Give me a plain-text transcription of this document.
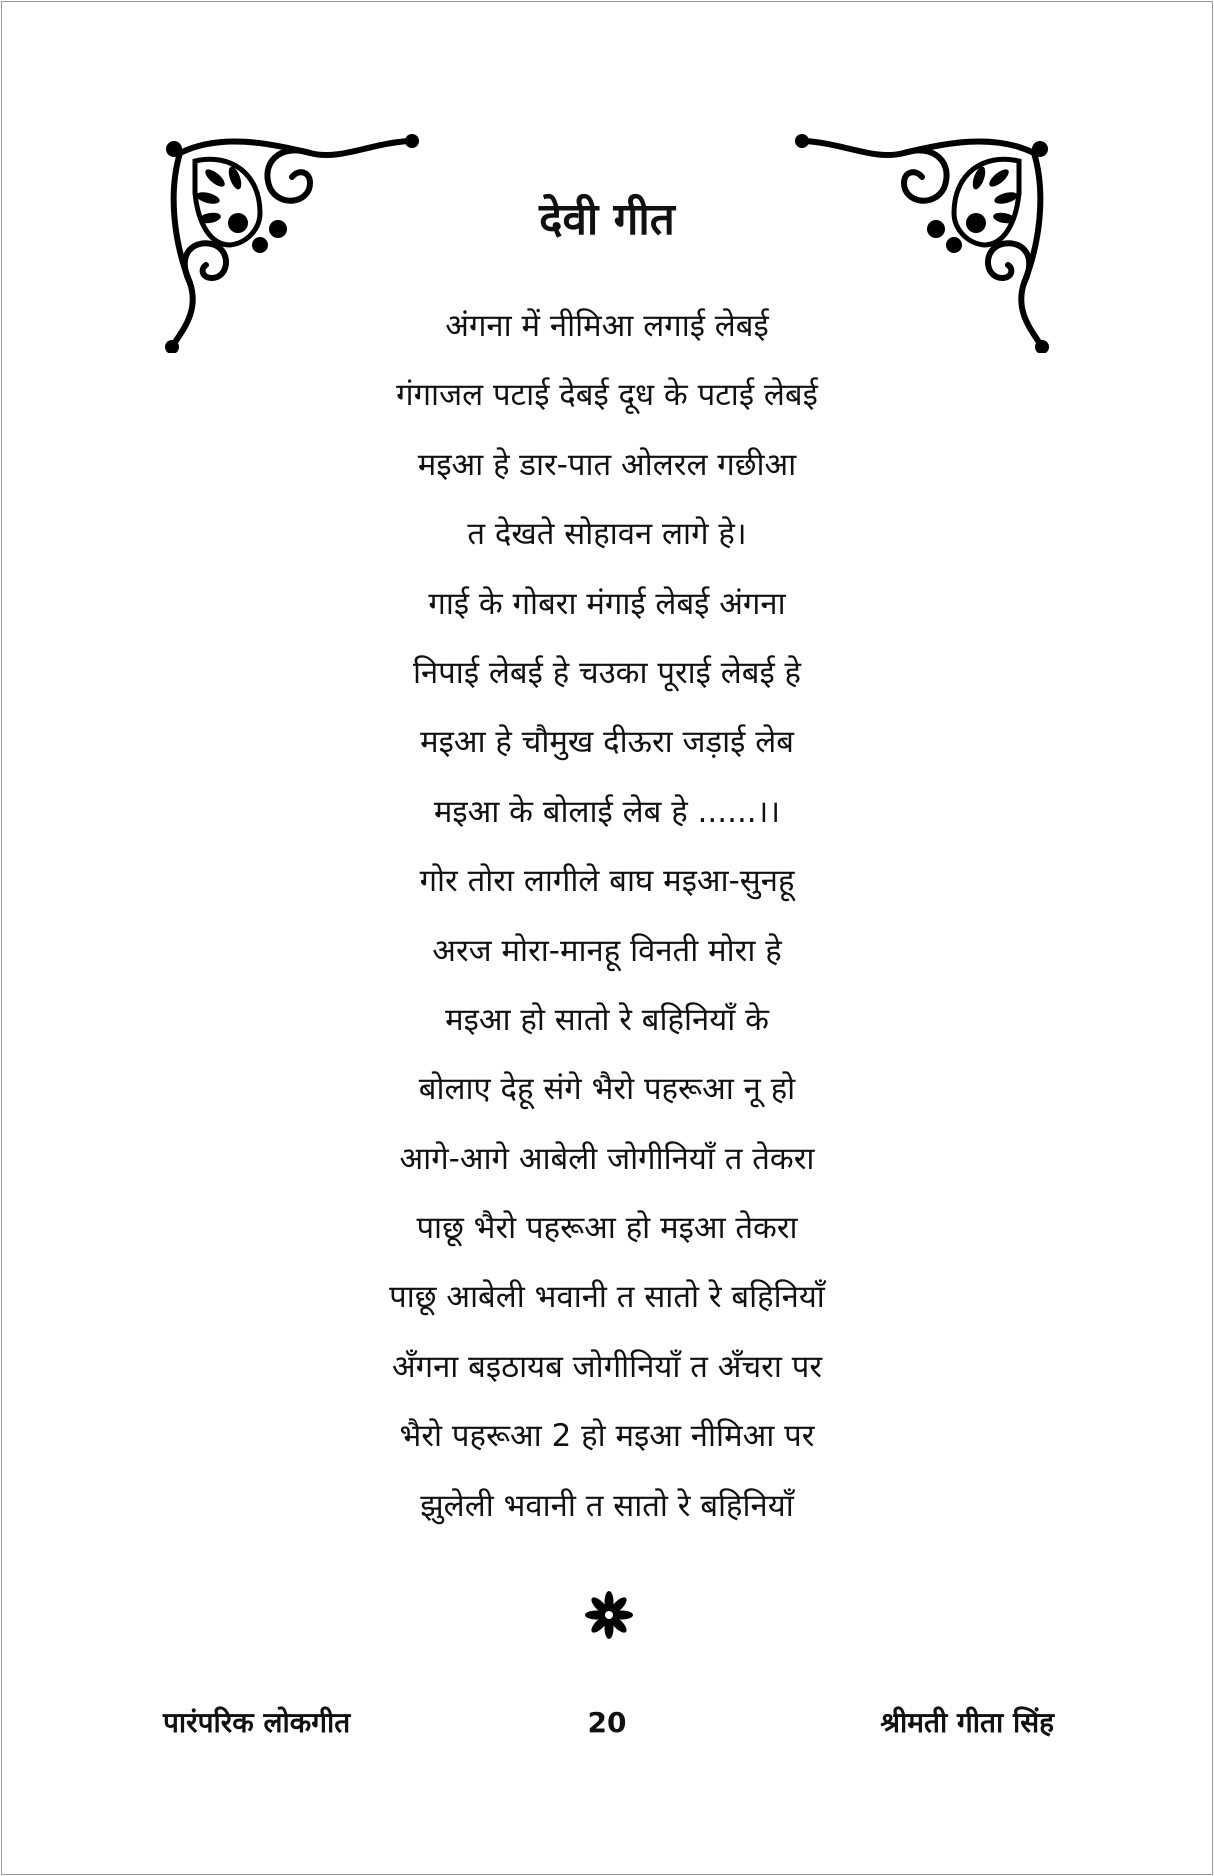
देवी गीत
अंगना में नीमिआ लगाई लेबई
गंगाजल पटाई देबई दूध के पटाई लेबई
मइआ हे डार-पात ओलरल गछीआ
त देखते सोहावन लागे हे।
गाई के गोबरा मंगाई लेबई अंगना
निपाई लेबई हे चउका पूराई लेबई हे
मइआ हे चौमुख दीऊरा जड़ाई लेब
मइआ के बोलाई लेब हे ......।।
गोर तोरा लागीले बाघ मइआ-सुनहू
अरज मोरा-मानहू विनती मोरा हे
मइआ हो सातो रे बहिनियाँ के
बोलाए देहू संगे भैरो पहरूआ नू हो
आगे-आगे आबेली जोगीनियाँ त तेकरा
पाछू भैरो पहरूआ हो मइआ तेकरा
पाछू आबेली भवानी त सातो रे बहिनियाँ
अँगना बइठायब जोगीनियाँ त अँचरा पर
भैरो पहरूआ 2 हो मइआ नीमिआ पर
झुलेली भवानी त सातो रे बहिनियाँ
पारंपरिक लोकगीत	20	श्रीमती गीता सिंह
